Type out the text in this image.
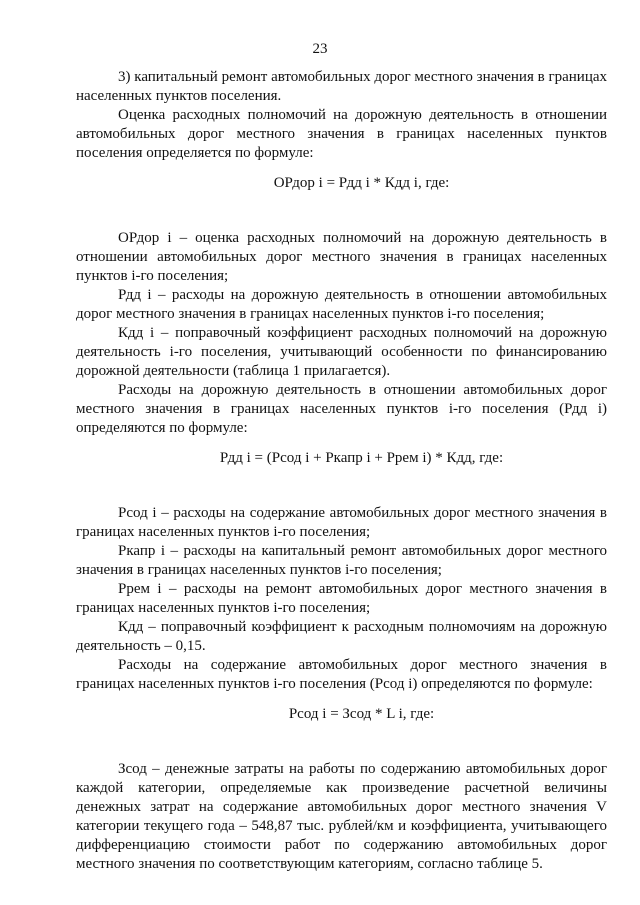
23

3) капитальный ремонт автомобильных дорог местного значения в границах населенных пунктов поселения.

Оценка расходных полномочий на дорожную деятельность в отношении автомобильных дорог местного значения в границах населенных пунктов поселения определяется по формуле:

ОРдор i = Рдд i * Кдд i, где:

ОРдор i – оценка расходных полномочий на дорожную деятельность в отношении автомобильных дорог местного значения в границах населенных пунктов i-го поселения;

Рдд i – расходы на дорожную деятельность в отношении автомобильных дорог местного значения в границах населенных пунктов i-го поселения;

Кдд i – поправочный коэффициент расходных полномочий на дорожную деятельность i-го поселения, учитывающий особенности по финансированию дорожной деятельности (таблица 1 прилагается).

Расходы на дорожную деятельность в отношении автомобильных дорог местного значения в границах населенных пунктов i-го поселения (Рдд i) определяются по формуле:

Рдд i = (Рсод i + Ркапр i + Ррем i) * Кдд, где:

Рсод i – расходы на содержание автомобильных дорог местного значения в границах населенных пунктов i-го поселения;

Ркапр i – расходы на капитальный ремонт автомобильных дорог местного значения в границах населенных пунктов i-го поселения;

Ррем i – расходы на ремонт автомобильных дорог местного значения в границах населенных пунктов i-го поселения;

Кдд – поправочный коэффициент к расходным полномочиям на дорожную деятельность – 0,15.

Расходы на содержание автомобильных дорог местного значения в границах населенных пунктов i-го поселения (Рсод i) определяются по формуле:

Рсод i = Зсод * L i, где:

Зсод – денежные затраты на работы по содержанию автомобильных дорог каждой категории, определяемые как произведение расчетной величины денежных затрат на содержание автомобильных дорог местного значения V категории текущего года – 548,87 тыс. рублей/км и коэффициента, учитывающего дифференциацию стоимости работ по содержанию автомобильных дорог местного значения по соответствующим категориям, согласно таблице 5.
